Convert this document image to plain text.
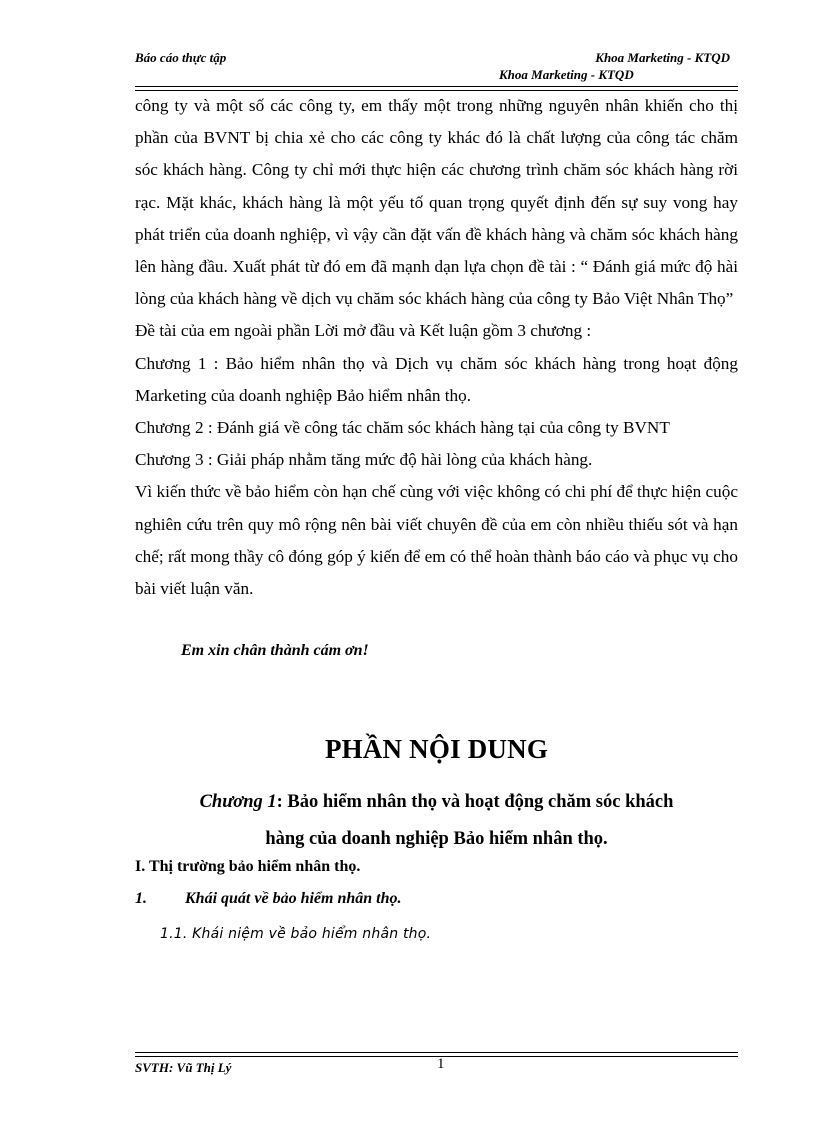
Báo cáo thực tập	Khoa Marketing - KTQD
Khoa Marketing - KTQD

công ty và một số các công ty, em thấy một trong những nguyên nhân khiến cho thị phần của BVNT bị chia xẻ cho các công ty khác đó là chất lượng của công tác chăm sóc khách hàng. Công ty chỉ mới thực hiện các chương trình chăm sóc khách hàng rời rạc. Mặt khác, khách hàng là một yếu tố quan trọng quyết định đến sự suy vong hay phát triển của doanh nghiệp, vì vậy cần đặt vấn đề khách hàng và chăm sóc khách hàng lên hàng đầu. Xuất phát từ đó em đã mạnh dạn lựa chọn đề tài : “ Đánh giá mức độ hài lòng của khách hàng về dịch vụ chăm sóc khách hàng của công ty Bảo Việt Nhân Thọ”

Đề tài của em ngoài phần Lời mở đầu và Kết luận gồm 3 chương :

Chương 1 : Bảo hiểm nhân thọ và Dịch vụ chăm sóc khách hàng trong hoạt động Marketing của doanh nghiệp Bảo hiểm nhân thọ.

Chương 2 : Đánh giá về công tác chăm sóc khách hàng tại của công ty BVNT

Chương 3 : Giải pháp nhằm tăng mức độ hài lòng của khách hàng.

Vì kiến thức về bảo hiểm còn hạn chế cùng với việc không có chi phí để thực hiện cuộc nghiên cứu trên quy mô rộng nên bài viết chuyên đề của em còn nhiều thiếu sót và hạn chế; rất mong thầy cô đóng góp ý kiến để em có thể hoàn thành báo cáo và phục vụ cho bài viết luận văn.

Em xin chân thành cám ơn!
PHẦN NỘI DUNG
Chương 1: Bảo hiểm nhân thọ và hoạt động chăm sóc khách
hàng của doanh nghiệp Bảo hiểm nhân thọ.
I. Thị trường bảo hiểm nhân thọ.
1. Khái quát về bảo hiểm nhân thọ.
1.1. Khái niệm về bảo hiểm nhân thọ.
SVTH: Vũ Thị Lý	1
